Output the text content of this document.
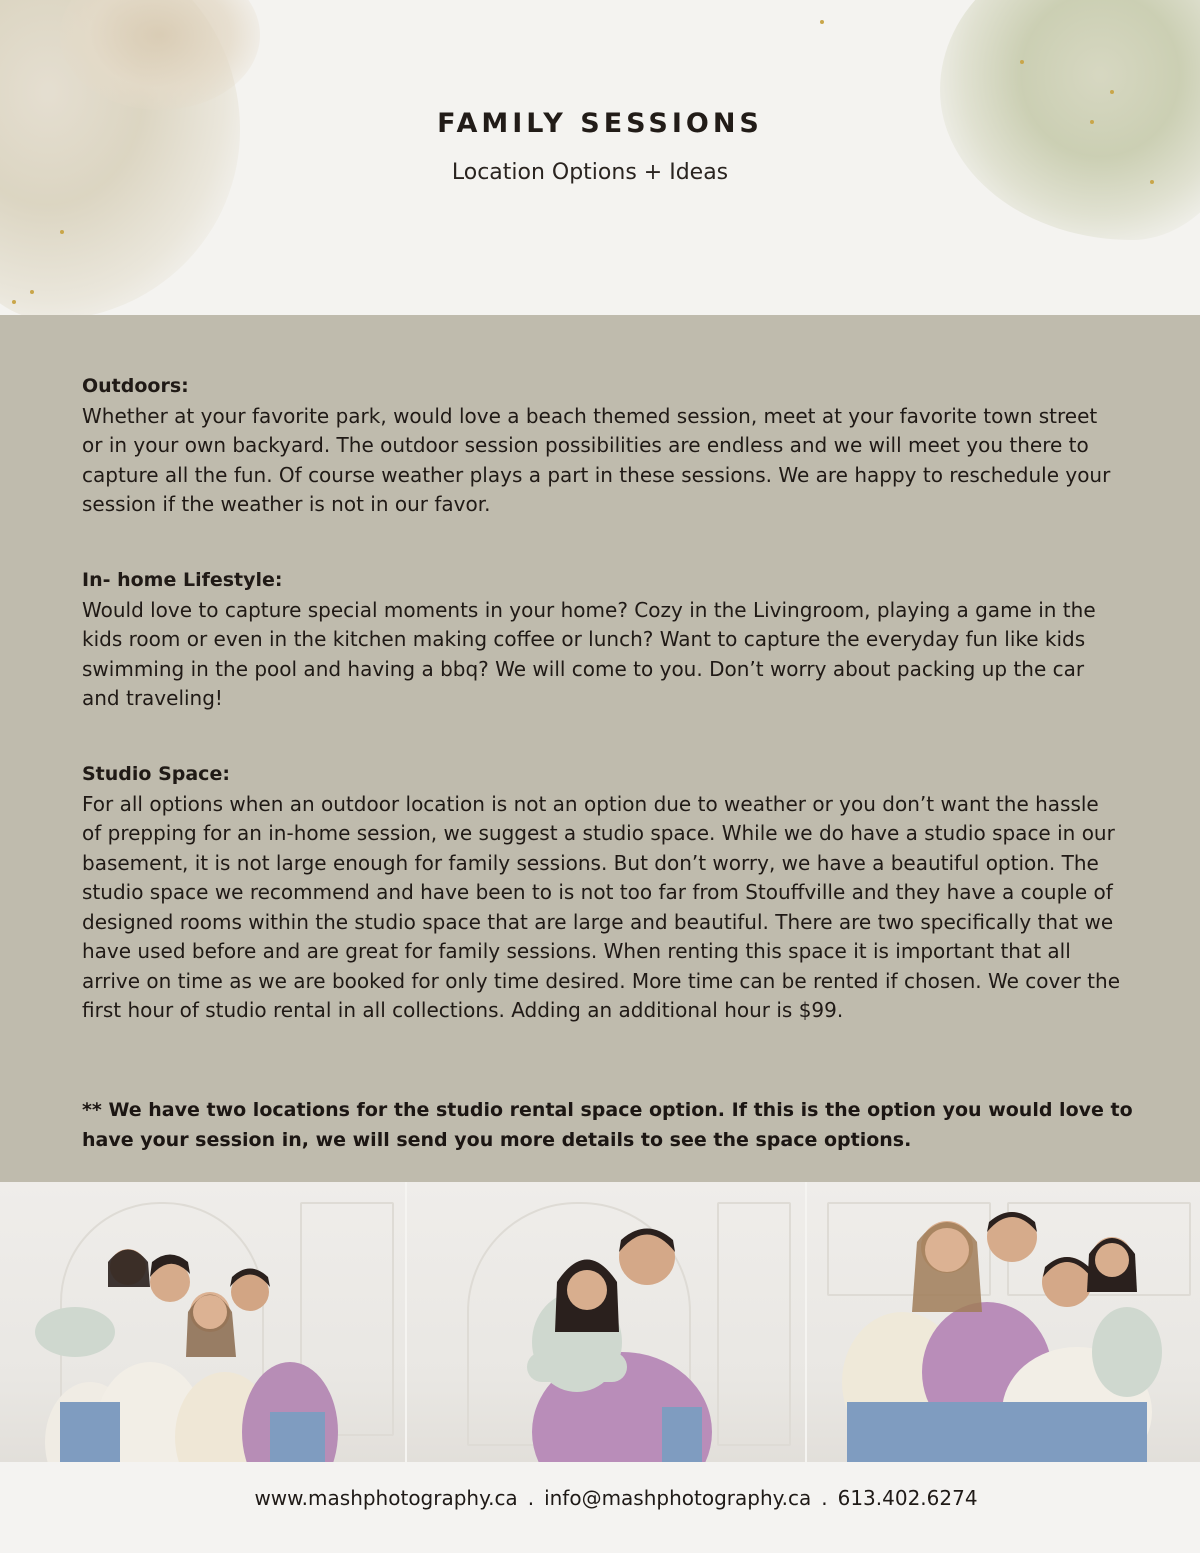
FAMILY SESSIONS
Location Options + Ideas
Outdoors:

Whether at your favorite park, would love a beach themed session, meet at your favorite town street or in your own backyard. The outdoor session possibilities are endless and we will meet you there to capture all the fun. Of course weather plays a part in these sessions. We are happy to reschedule your session if the weather is not in our favor.

In- home Lifestyle:

Would love to capture special moments in your home? Cozy in the Livingroom, playing a game in the kids room or even in the kitchen making coffee or lunch? Want to capture the everyday fun like kids swimming in the pool and having a bbq? We will come to you. Don’t worry about packing up the car and traveling!

Studio Space:

For all options when an outdoor location is not an option due to weather or you don’t want the hassle of prepping for an in-home session, we suggest a studio space. While we do have a studio space in our basement, it is not large enough for family sessions. But don’t worry, we have a beautiful option. The studio space we recommend and have been to is not too far from Stouffville and they have a couple of designed rooms within the studio space that are large and beautiful. There are two specifically that we have used before and are great for family sessions. When renting this space it is important that all arrive on time as we are booked for only time desired. More time can be rented if chosen. We cover the first hour of studio rental in all collections. Adding an additional hour is $99.

** We have two locations for the studio rental space option. If this is the option you would love to have your session in, we will send you more details to see the space options.
www.mashphotography.ca . info@mashphotography.ca . 613.402.6274
